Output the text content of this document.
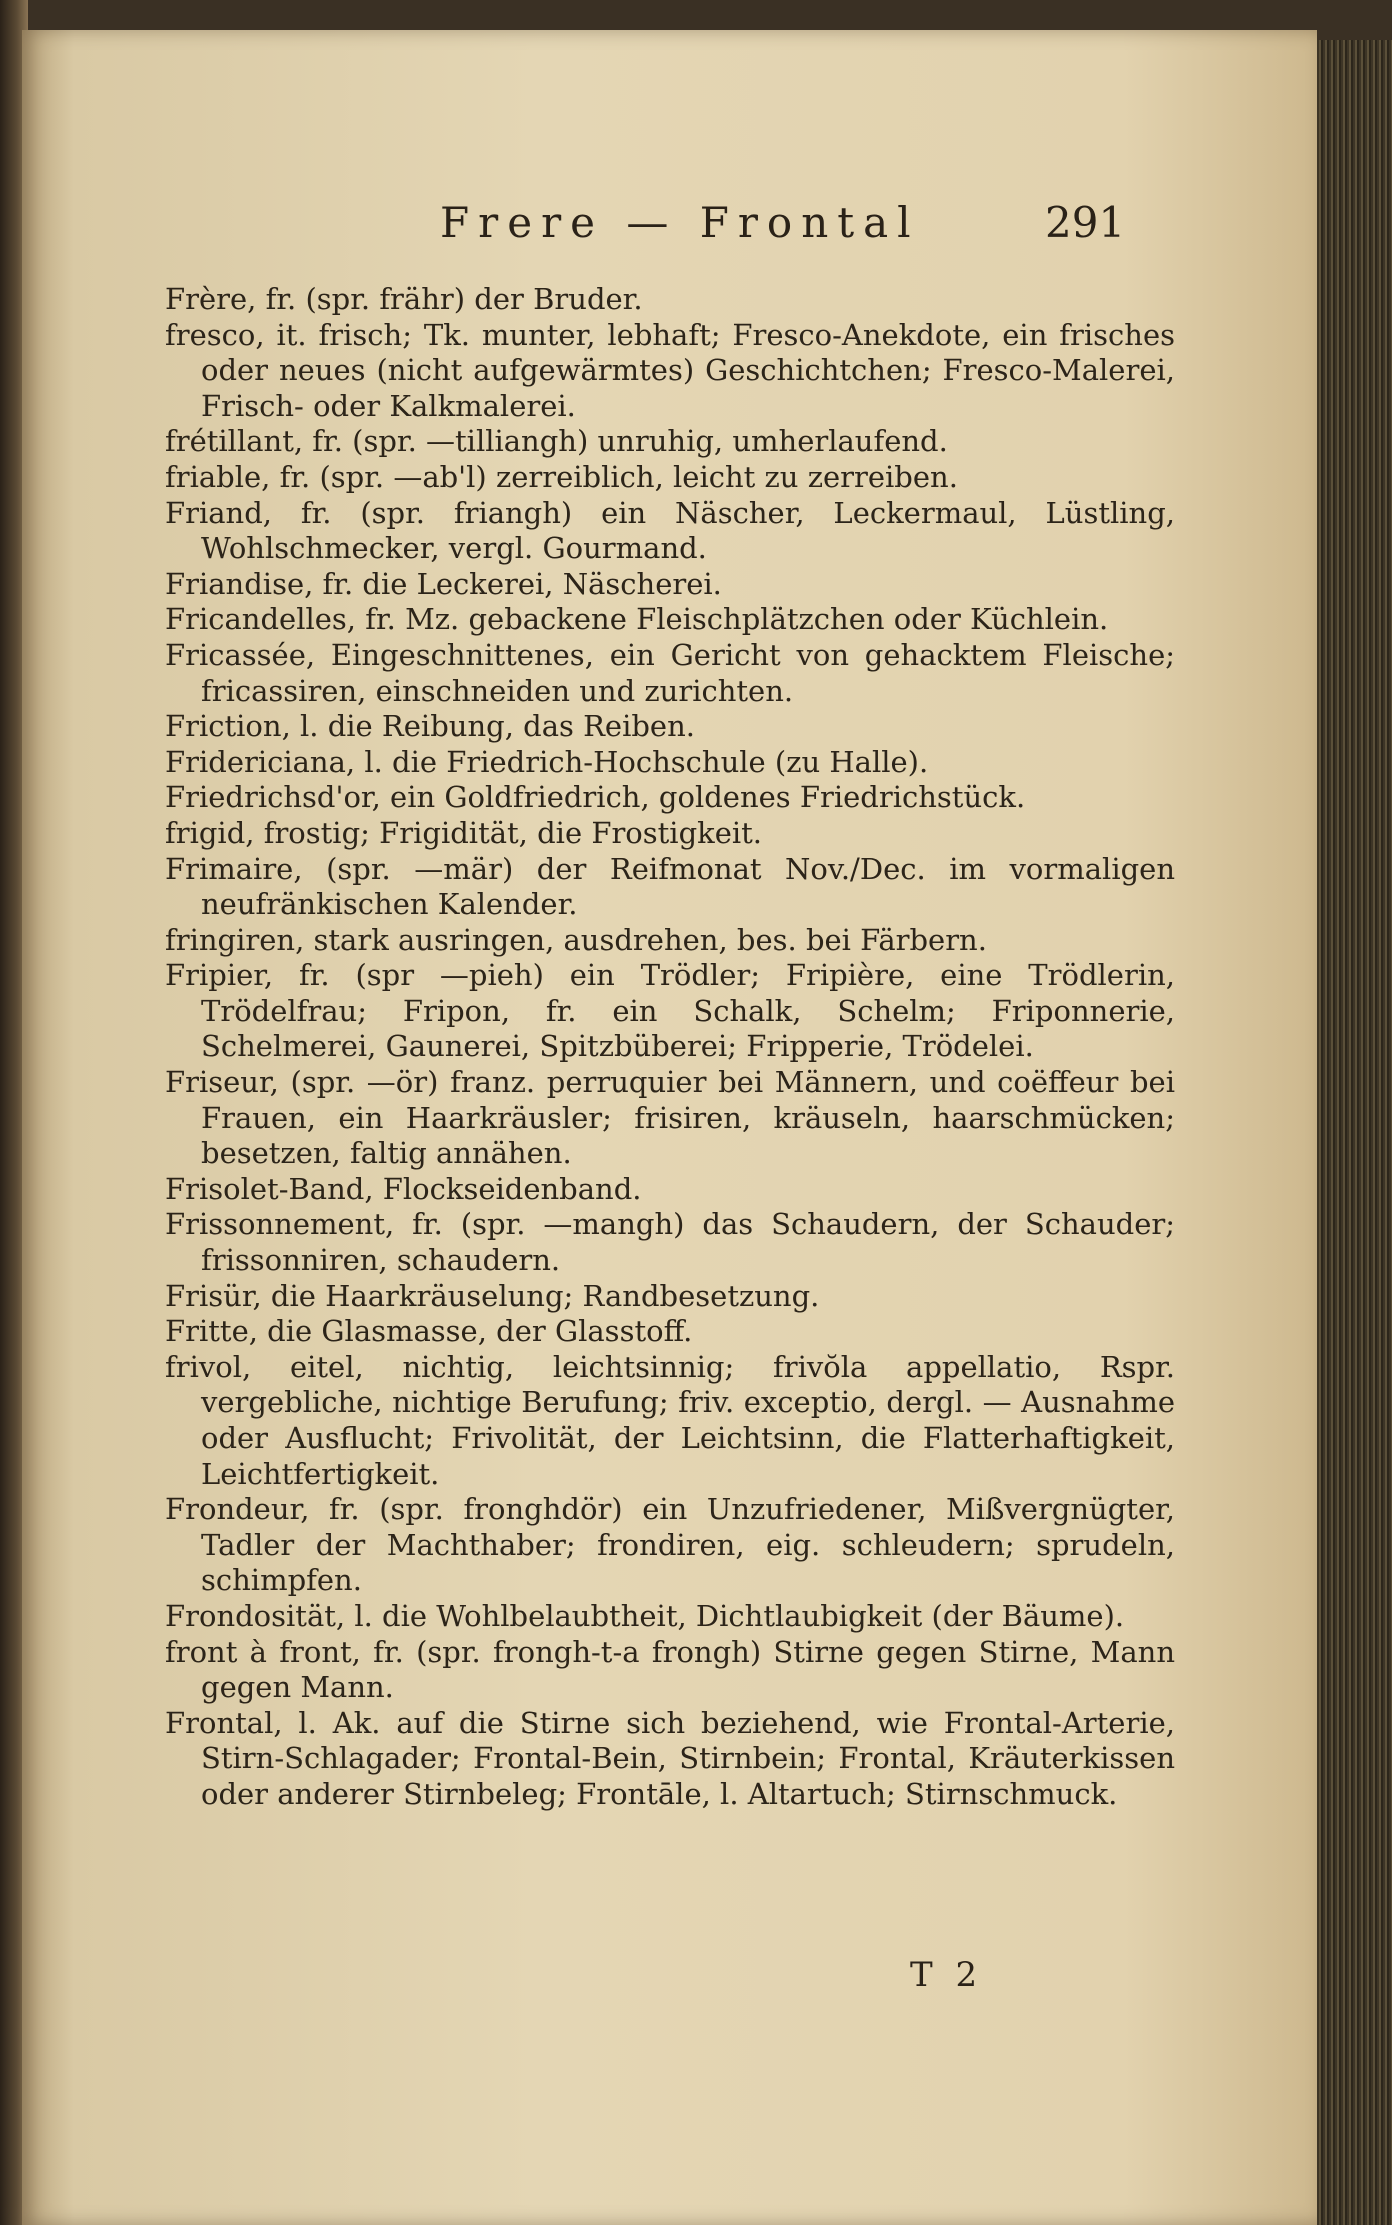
Frere — Frontal	291

Frère, fr. (spr. frähr) der Bruder.

fresco, it. frisch; Tk. munter, lebhaft; Fresco-Anekdote, ein frisches oder neues (nicht aufgewärmtes) Geschichtchen; Fresco-Malerei, Frisch- oder Kalkmalerei.

frétillant, fr. (spr. —tilliangh) unruhig, umherlaufend.

friable, fr. (spr. —ab'l) zerreiblich, leicht zu zerreiben.

Friand, fr. (spr. friangh) ein Näscher, Leckermaul, Lüstling, Wohlschmecker, vergl. Gourmand.

Friandise, fr. die Leckerei, Näscherei.

Fricandelles, fr. Mz. gebackene Fleischplätzchen oder Küchlein.

Fricassée, Eingeschnittenes, ein Gericht von gehacktem Fleische; fricassiren, einschneiden und zurichten.

Friction, l. die Reibung, das Reiben.

Fridericiana, l. die Friedrich-Hochschule (zu Halle).

Friedrichsd'or, ein Goldfriedrich, goldenes Friedrichstück.

frigid, frostig; Frigidität, die Frostigkeit.

Frimaire, (spr. —mär) der Reifmonat Nov./Dec. im vormaligen neufränkischen Kalender.

fringiren, stark ausringen, ausdrehen, bes. bei Färbern.

Fripier, fr. (spr —pieh) ein Trödler; Fripière, eine Trödlerin, Trödelfrau; Fripon, fr. ein Schalk, Schelm; Friponnerie, Schelmerei, Gaunerei, Spitzbüberei; Fripperie, Trödelei.

Friseur, (spr. —ör) franz. perruquier bei Männern, und coëffeur bei Frauen, ein Haarkräusler; frisiren, kräuseln, haarschmücken; besetzen, faltig annähen.

Frisolet-Band, Flockseidenband.

Frissonnement, fr. (spr. —mangh) das Schaudern, der Schauder; frissonniren, schaudern.

Frisür, die Haarkräuselung; Randbesetzung.

Fritte, die Glasmasse, der Glasstoff.

frivol, eitel, nichtig, leichtsinnig; frivŏla appellatio, Rspr. vergebliche, nichtige Berufung; friv. exceptio, dergl. — Ausnahme oder Ausflucht; Frivolität, der Leichtsinn, die Flatterhaftigkeit, Leichtfertigkeit.

Frondeur, fr. (spr. fronghdör) ein Unzufriedener, Mißvergnügter, Tadler der Machthaber; frondiren, eig. schleudern; sprudeln, schimpfen.

Frondosität, l. die Wohlbelaubtheit, Dichtlaubigkeit (der Bäume).

front à front, fr. (spr. frongh-t-a frongh) Stirne gegen Stirne, Mann gegen Mann.

Frontal, l. Ak. auf die Stirne sich beziehend, wie Frontal-Arterie, Stirn-Schlagader; Frontal-Bein, Stirnbein; Frontal, Kräuterkissen oder anderer Stirnbeleg; Frontāle, l. Altartuch; Stirnschmuck.

T 2
